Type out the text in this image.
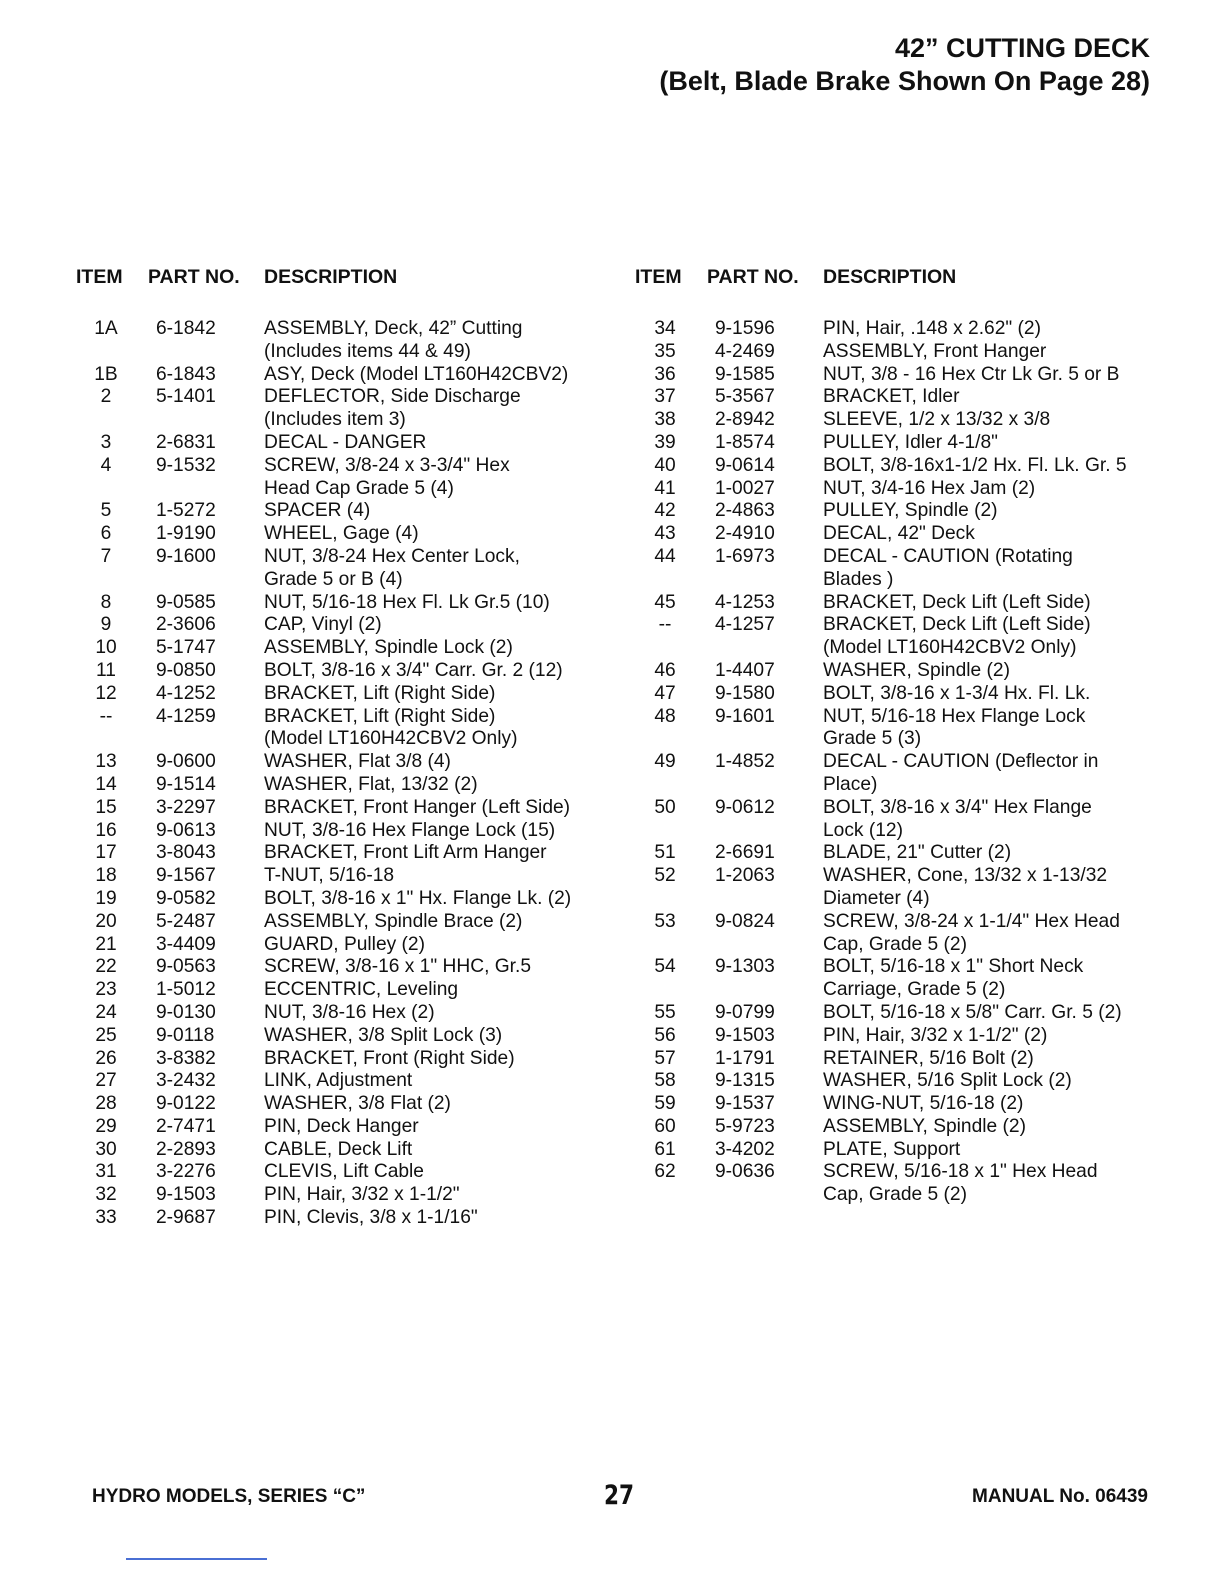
42” CUTTING DECK
(Belt, Blade Brake Shown On Page 28)
ITEM PART NO. DESCRIPTION
1A 6-1842	ASSEMBLY, Deck, 42” Cutting
(Includes items 44 & 49)
1B 6-1843	ASY, Deck (Model LT160H42CBV2)
2 5-1401	DEFLECTOR, Side Discharge
(Includes item 3)
3 2-6831	DECAL - DANGER
4 9-1532	SCREW, 3/8-24 x 3-3/4" Hex
Head Cap Grade 5 (4)
5 1-5272	SPACER (4)
6 1-9190	WHEEL, Gage (4)
7 9-1600	NUT, 3/8-24 Hex Center Lock,
Grade 5 or B (4)
8 9-0585	NUT, 5/16-18 Hex Fl. Lk Gr.5 (10)
9 2-3606	CAP, Vinyl (2)
10 5-1747	ASSEMBLY, Spindle Lock (2)
11 9-0850	BOLT, 3/8-16 x 3/4" Carr. Gr. 2 (12)
12 4-1252	BRACKET, Lift (Right Side)
-- 4-1259	BRACKET, Lift (Right Side)
(Model LT160H42CBV2 Only)
13 9-0600	WASHER, Flat 3/8 (4)
14 9-1514	WASHER, Flat, 13/32 (2)
15 3-2297	BRACKET, Front Hanger (Left Side)
16 9-0613	NUT, 3/8-16 Hex Flange Lock (15)
17 3-8043	BRACKET, Front Lift Arm Hanger
18 9-1567	T-NUT, 5/16-18
19 9-0582	BOLT, 3/8-16 x 1" Hx. Flange Lk. (2)
20 5-2487	ASSEMBLY, Spindle Brace (2)
21 3-4409	GUARD, Pulley (2)
22 9-0563	SCREW, 3/8-16 x 1" HHC, Gr.5
23 1-5012	ECCENTRIC, Leveling
24 9-0130	NUT, 3/8-16 Hex (2)
25 9-0118	WASHER, 3/8 Split Lock (3)
26 3-8382	BRACKET, Front (Right Side)
27 3-2432	LINK, Adjustment
28 9-0122	WASHER, 3/8 Flat (2)
29 2-7471	PIN, Deck Hanger
30 2-2893	CABLE, Deck Lift
31 3-2276	CLEVIS, Lift Cable
32 9-1503	PIN, Hair, 3/32 x 1-1/2"
33 2-9687	PIN, Clevis, 3/8 x 1-1/16"
ITEM PART NO. DESCRIPTION
34 9-1596	PIN, Hair, .148 x 2.62" (2)
35 4-2469	ASSEMBLY, Front Hanger
36 9-1585	NUT, 3/8 - 16 Hex Ctr Lk Gr. 5 or B
37 5-3567	BRACKET, Idler
38 2-8942	SLEEVE, 1/2 x 13/32 x 3/8
39 1-8574	PULLEY, Idler 4-1/8"
40 9-0614	BOLT, 3/8-16x1-1/2 Hx. Fl. Lk. Gr. 5
41 1-0027	NUT, 3/4-16 Hex Jam (2)
42 2-4863	PULLEY, Spindle (2)
43 2-4910	DECAL, 42" Deck
44 1-6973	DECAL - CAUTION (Rotating
Blades )
45 4-1253	BRACKET, Deck Lift (Left Side)
-- 4-1257	BRACKET, Deck Lift (Left Side)
(Model LT160H42CBV2 Only)
46 1-4407	WASHER, Spindle (2)
47 9-1580	BOLT, 3/8-16 x 1-3/4 Hx. Fl. Lk.
48 9-1601	NUT, 5/16-18 Hex Flange Lock
Grade 5 (3)
49 1-4852	DECAL - CAUTION (Deflector in
Place)
50 9-0612	BOLT, 3/8-16 x 3/4" Hex Flange
Lock (12)
51 2-6691	BLADE, 21" Cutter (2)
52 1-2063	WASHER, Cone, 13/32 x 1-13/32
Diameter (4)
53 9-0824	SCREW, 3/8-24 x 1-1/4" Hex Head
Cap, Grade 5 (2)
54 9-1303	BOLT, 5/16-18 x 1" Short Neck
Carriage, Grade 5 (2)
55 9-0799	BOLT, 5/16-18 x 5/8" Carr. Gr. 5 (2)
56 9-1503	PIN, Hair, 3/32 x 1-1/2" (2)
57 1-1791	RETAINER, 5/16 Bolt (2)
58 9-1315	WASHER, 5/16 Split Lock (2)
59 9-1537	WING-NUT, 5/16-18 (2)
60 5-9723	ASSEMBLY, Spindle (2)
61 3-4202	PLATE, Support
62 9-0636	SCREW, 5/16-18 x 1" Hex Head
Cap, Grade 5 (2)
HYDRO MODELS, SERIES “C”	27	MANUAL No. 06439
